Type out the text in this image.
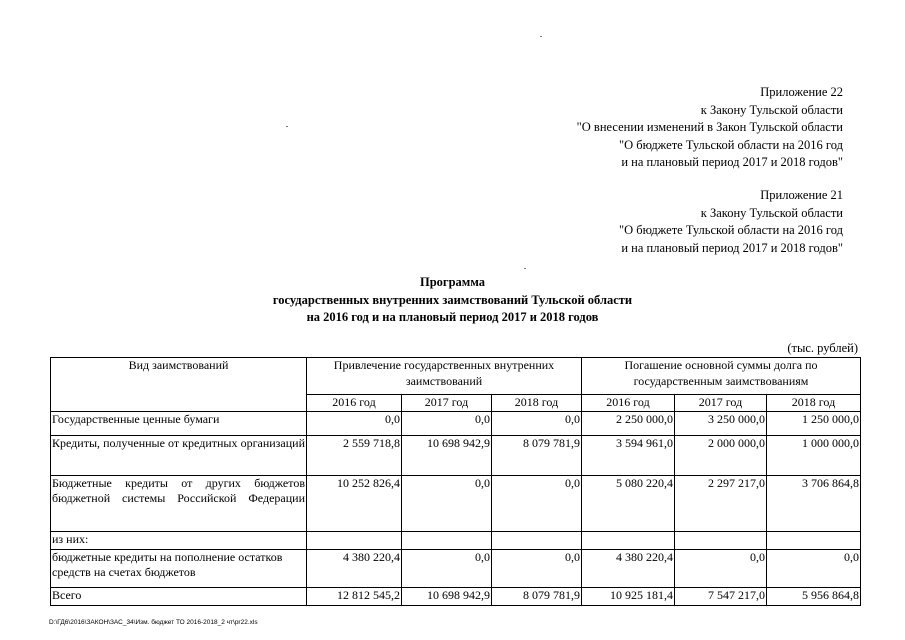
Приложение 22
к Закону Тульской области
"О внесении изменений в Закон Тульской области
"О бюджете Тульской области на 2016 год
и на плановый период 2017 и 2018 годов"
Приложение 21
к Закону Тульской области
"О бюджете Тульской области на 2016 год
и на плановый период 2017 и 2018 годов"
Программа
государственных внутренних заимствований Тульской области
на 2016 год и на плановый период 2017 и 2018 годов
(тыс. рублей)
Вид заимствований	Привлечение государственных внутренних заимствований			Погашение основной суммы долга по государственным заимствованиям		
	2016 год	2017 год	2018 год	2016 год	2017 год	2018 год
Государственные ценные бумаги	0,0	0,0	0,0	2 250 000,0	3 250 000,0	1 250 000,0
Кредиты, полученные от кредитных организаций	2 559 718,8	10 698 942,9	8 079 781,9	3 594 961,0	2 000 000,0	1 000 000,0
Бюджетные кредиты от других бюджетов бюджетной системы Российской Федерации	10 252 826,4	0,0	0,0	5 080 220,4	2 297 217,0	3 706 864,8
из них:						
бюджетные кредиты на пополнение остатков средств на счетах бюджетов	4 380 220,4	0,0	0,0	4 380 220,4	0,0	0,0
Всего	12 812 545,2	10 698 942,9	8 079 781,9	10 925 181,4	7 547 217,0	5 956 864,8
D:\ГД6\2016\ЗАКОН\ЗАС_34\Изм. бюджет ТО 2016-2018_2 чт\pr22.xls
